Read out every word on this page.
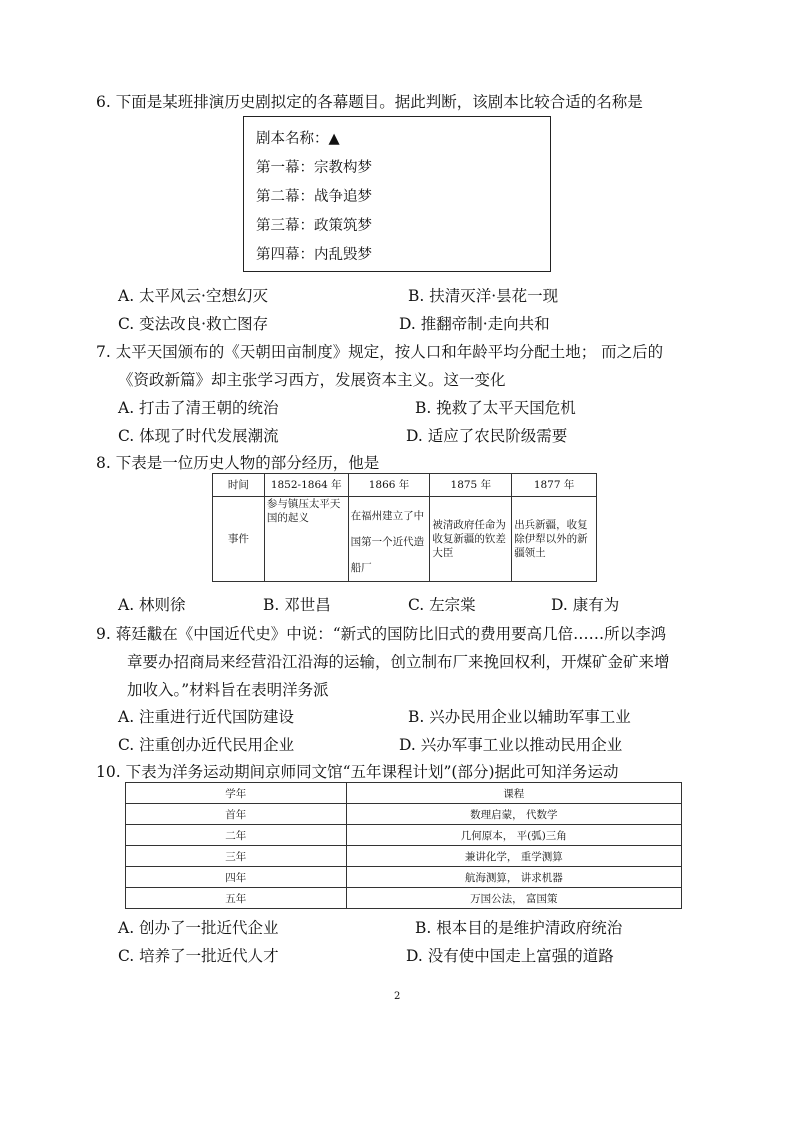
6. 下面是某班排演历史剧拟定的各幕题目。据此判断，该剧本比较合适的名称是
剧本名称：▲
第一幕：宗教构梦
第二幕：战争追梦
第三幕：政策筑梦
第四幕：内乱毁梦
A. 太平风云·空想幻灭	B. 扶清灭洋·昙花一现
C. 变法改良·救亡图存	D. 推翻帝制·走向共和
7. 太平天国颁布的《天朝田亩制度》规定，按人口和年龄平均分配土地； 而之后的
《资政新篇》却主张学习西方，发展资本主义。这一变化
A. 打击了清王朝的统治	B. 挽救了太平天国危机
C. 体现了时代发展潮流	D. 适应了农民阶级需要
8. 下表是一位历史人物的部分经历，他是
时间	1852-1864 年	1866 年	1875 年	1877 年
事件	参与镇压太平天国的起义	在福州建立了中国第一个近代造船厂	被清政府任命为收复新疆的钦差大臣	出兵新疆，收复除伊犁以外的新疆领土
A. 林则徐	B. 邓世昌	C. 左宗棠	D. 康有为
9. 蒋廷黻在《中国近代史》中说：“新式的国防比旧式的费用要高几倍……所以李鸿
章要办招商局来经营沿江沿海的运输，创立制布厂来挽回权利，开煤矿金矿来增
加收入。”材料旨在表明洋务派
A. 注重进行近代国防建设	B. 兴办民用企业以辅助军事工业
C. 注重创办近代民用企业	D. 兴办军事工业以推动民用企业
10. 下表为洋务运动期间京师同文馆“五年课程计划”(部分)据此可知洋务运动
学年	课程
首年	数理启蒙， 代数学
二年	几何原本， 平(弧)三角
三年	兼讲化学， 重学测算
四年	航海测算， 讲求机器
五年	万国公法， 富国策
A. 创办了一批近代企业	B. 根本目的是维护清政府统治
C. 培养了一批近代人才	D. 没有使中国走上富强的道路
2
